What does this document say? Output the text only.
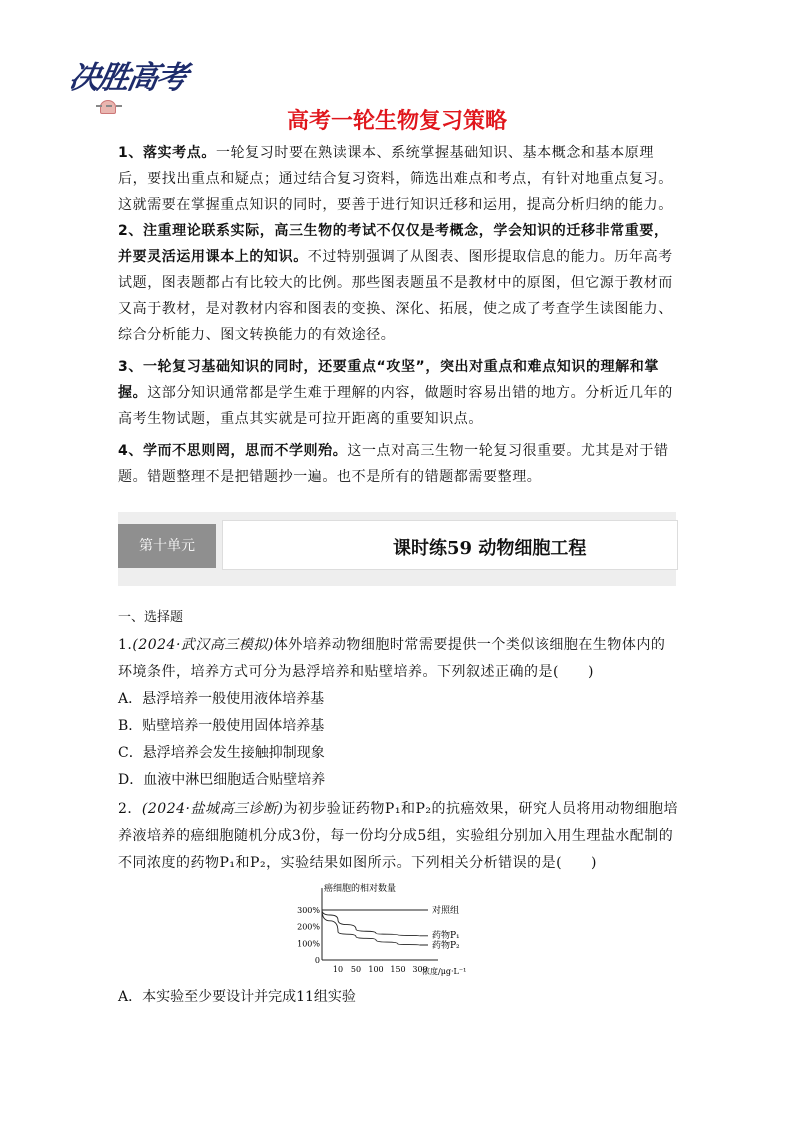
决胜高考
高考一轮生物复习策略
1、落实考点。一轮复习时要在熟读课本、系统掌握基础知识、基本概念和基本原理后，要找出重点和疑点；通过结合复习资料，筛选出难点和考点，有针对地重点复习。这就需要在掌握重点知识的同时，要善于进行知识迁移和运用，提高分析归纳的能力。
2、注重理论联系实际，高三生物的考试不仅仅是考概念，学会知识的迁移非常重要，并要灵活运用课本上的知识。不过特别强调了从图表、图形提取信息的能力。历年高考试题，图表题都占有比较大的比例。那些图表题虽不是教材中的原图，但它源于教材而又高于教材，是对教材内容和图表的变换、深化、拓展，使之成了考查学生读图能力、综合分析能力、图文转换能力的有效途径。
3、一轮复习基础知识的同时，还要重点“攻坚”，突出对重点和难点知识的理解和掌握。这部分知识通常都是学生难于理解的内容，做题时容易出错的地方。分析近几年的高考生物试题，重点其实就是可拉开距离的重要知识点。
4、学而不思则罔，思而不学则殆。这一点对高三生物一轮复习很重要。尤其是对于错题。错题整理不是把错题抄一遍。也不是所有的错题都需要整理。
第十单元	课时练59 动物细胞工程
一、选择题
1.(2024·武汉高三模拟)体外培养动物细胞时常需要提供一个类似该细胞在生物体内的环境条件，培养方式可分为悬浮培养和贴壁培养。下列叙述正确的是(　　)
A．悬浮培养一般使用液体培养基
B．贴壁培养一般使用固体培养基
C．悬浮培养会发生接触抑制现象
D．血液中淋巴细胞适合贴壁培养
2．(2024·盐城高三诊断)为初步验证药物P₁和P₂的抗癌效果，研究人员将用动物细胞培养液培养的癌细胞随机分成3份，每一份均分成5组，实验组分别加入用生理盐水配制的不同浓度的药物P₁和P₂，实验结果如图所示。下列相关分析错误的是(　　)
癌细胞的相对数量
浓度/μg·L⁻¹
0
100%
200%
300%
10 50 100 150 300
对照组
药物P₁
药物P₂
A．本实验至少要设计并完成11组实验
